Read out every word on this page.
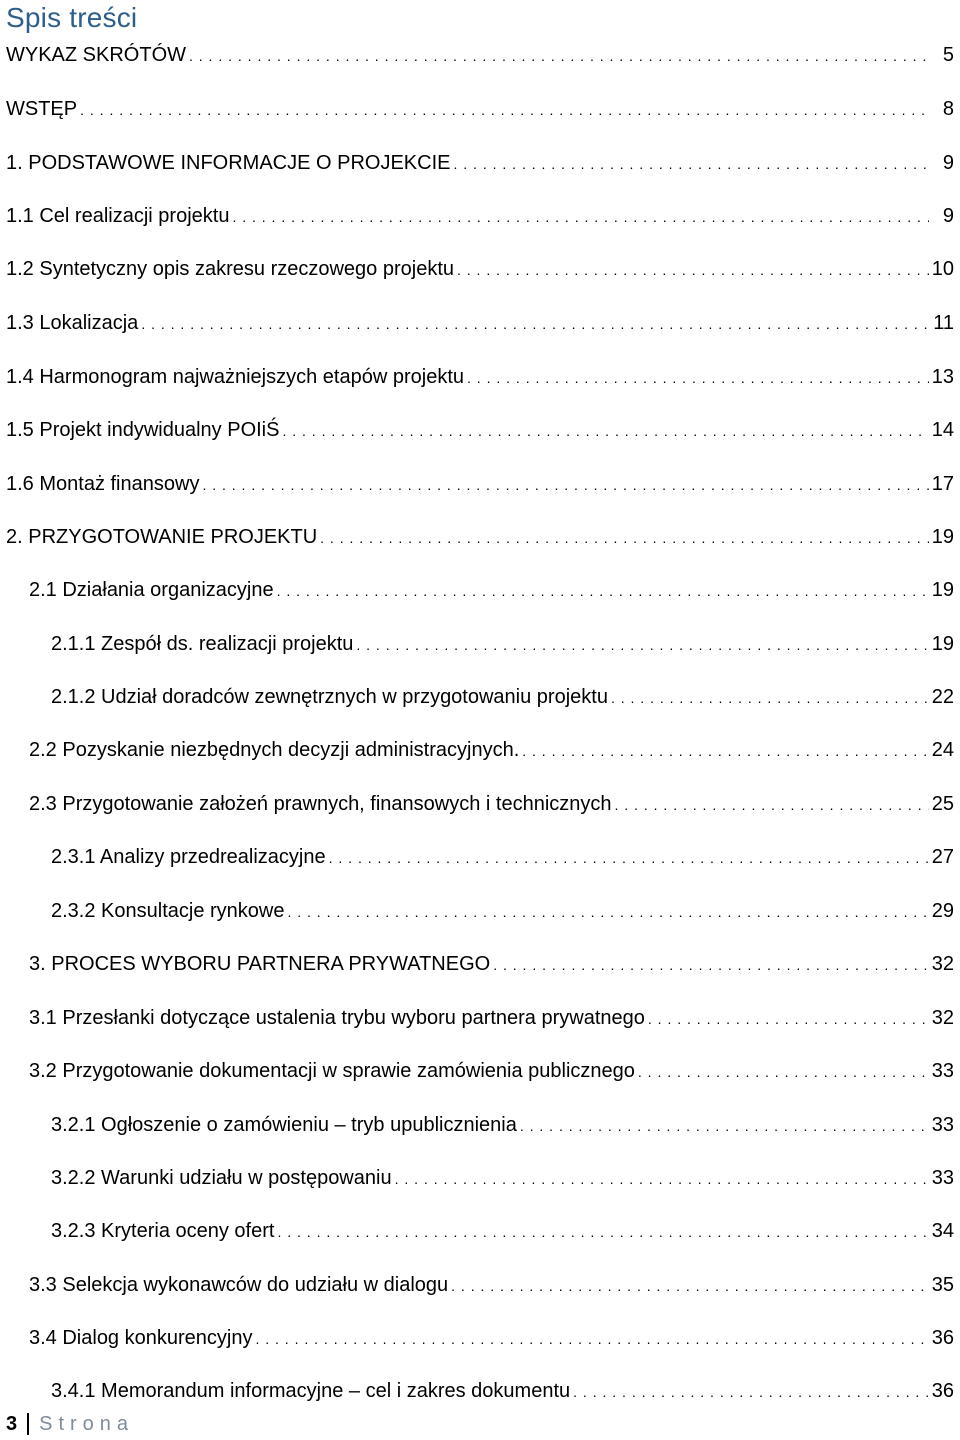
Spis treści
WYKAZ SKRÓTÓW . . .	5
WSTĘP . . .	8
1. PODSTAWOWE INFORMACJE O PROJEKCIE . . .	9
1.1 Cel realizacji projektu . . .	9
1.2 Syntetyczny opis zakresu rzeczowego projektu . . .	10
1.3 Lokalizacja . . .	11
1.4 Harmonogram najważniejszych etapów projektu . . .	13
1.5 Projekt indywidualny POIiŚ . . .	14
1.6 Montaż finansowy . . .	17
2. PRZYGOTOWANIE PROJEKTU . . .	19
2.1 Działania organizacyjne . . .	19
2.1.1 Zespół ds. realizacji projektu . . .	19
2.1.2 Udział doradców zewnętrznych w przygotowaniu projektu . . .	22
2.2 Pozyskanie niezbędnych decyzji administracyjnych. . . .	24
2.3 Przygotowanie założeń prawnych, finansowych i technicznych . . .	25
2.3.1 Analizy przedrealizacyjne . . .	27
2.3.2 Konsultacje rynkowe . . .	29
3. PROCES WYBORU PARTNERA PRYWATNEGO . . .	32
3.1 Przesłanki dotyczące ustalenia trybu wyboru partnera prywatnego . . .	32
3.2 Przygotowanie dokumentacji w sprawie zamówienia publicznego . . .	33
3.2.1 Ogłoszenie o zamówieniu – tryb upublicznienia . . .	33
3.2.2 Warunki udziału w postępowaniu . . .	33
3.2.3 Kryteria oceny ofert . . .	34
3.3 Selekcja wykonawców do udziału w dialogu . . .	35
3.4 Dialog konkurencyjny . . .	36
3.4.1 Memorandum informacyjne – cel i zakres dokumentu . . .	36
3 Strona
